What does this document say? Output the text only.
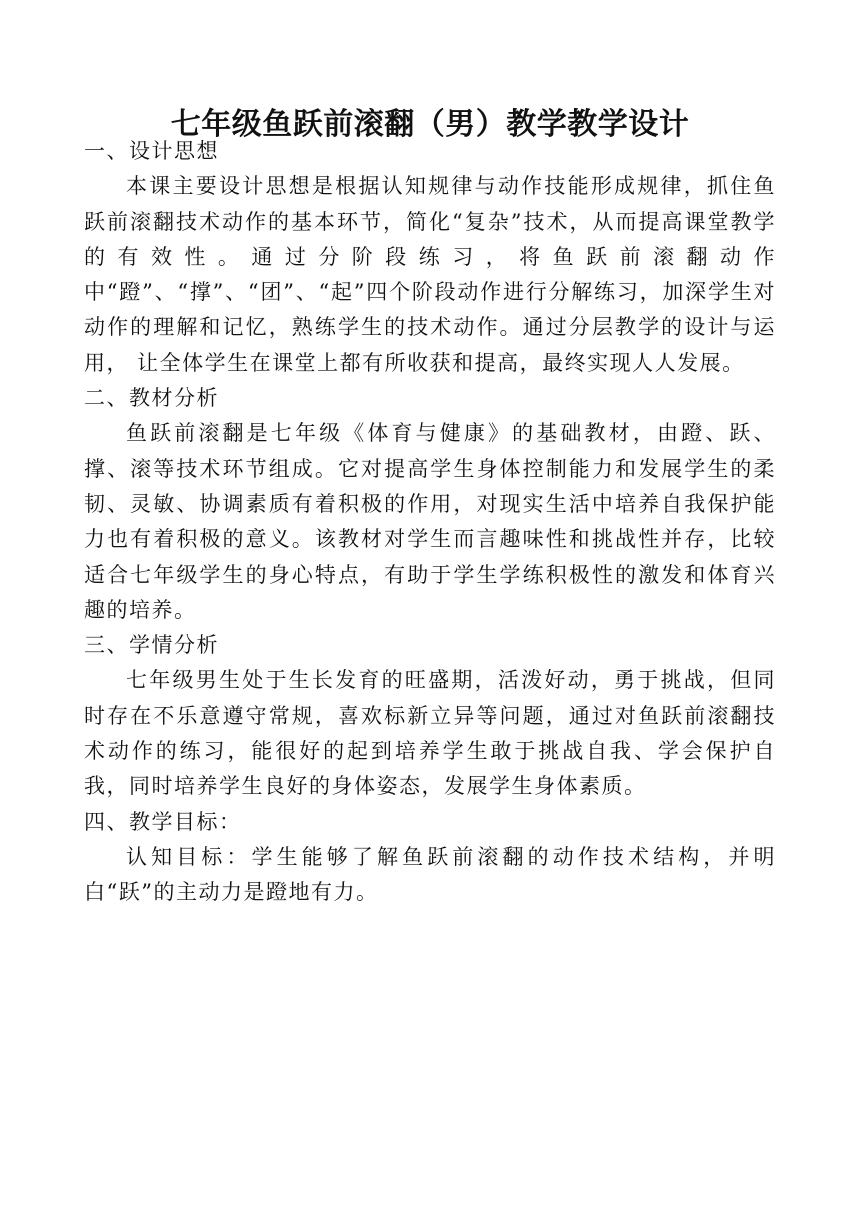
七年级鱼跃前滚翻（男）教学教学设计
一、设计思想

本课主要设计思想是根据认知规律与动作技能形成规律，抓住鱼跃前滚翻技术动作的基本环节，简化“复杂”技术，从而提高课堂教学的有效性。通过分阶段练习，将鱼跃前滚翻动作中“蹬”、“撑”、“团”、“起”四个阶段动作进行分解练习，加深学生对动作的理解和记忆，熟练学生的技术动作。通过分层教学的设计与运用， 让全体学生在课堂上都有所收获和提高，最终实现人人发展。

二、教材分析

鱼跃前滚翻是七年级《体育与健康》的基础教材，由蹬、跃、撑、滚等技术环节组成。它对提高学生身体控制能力和发展学生的柔韧、灵敏、协调素质有着积极的作用，对现实生活中培养自我保护能力也有着积极的意义。该教材对学生而言趣味性和挑战性并存，比较适合七年级学生的身心特点，有助于学生学练积极性的激发和体育兴趣的培养。

三、学情分析

七年级男生处于生长发育的旺盛期，活泼好动，勇于挑战，但同时存在不乐意遵守常规，喜欢标新立异等问题，通过对鱼跃前滚翻技术动作的练习，能很好的起到培养学生敢于挑战自我、学会保护自我，同时培养学生良好的身体姿态，发展学生身体素质。

四、教学目标：

认知目标：学生能够了解鱼跃前滚翻的动作技术结构，并明白“跃”的主动力是蹬地有力。
